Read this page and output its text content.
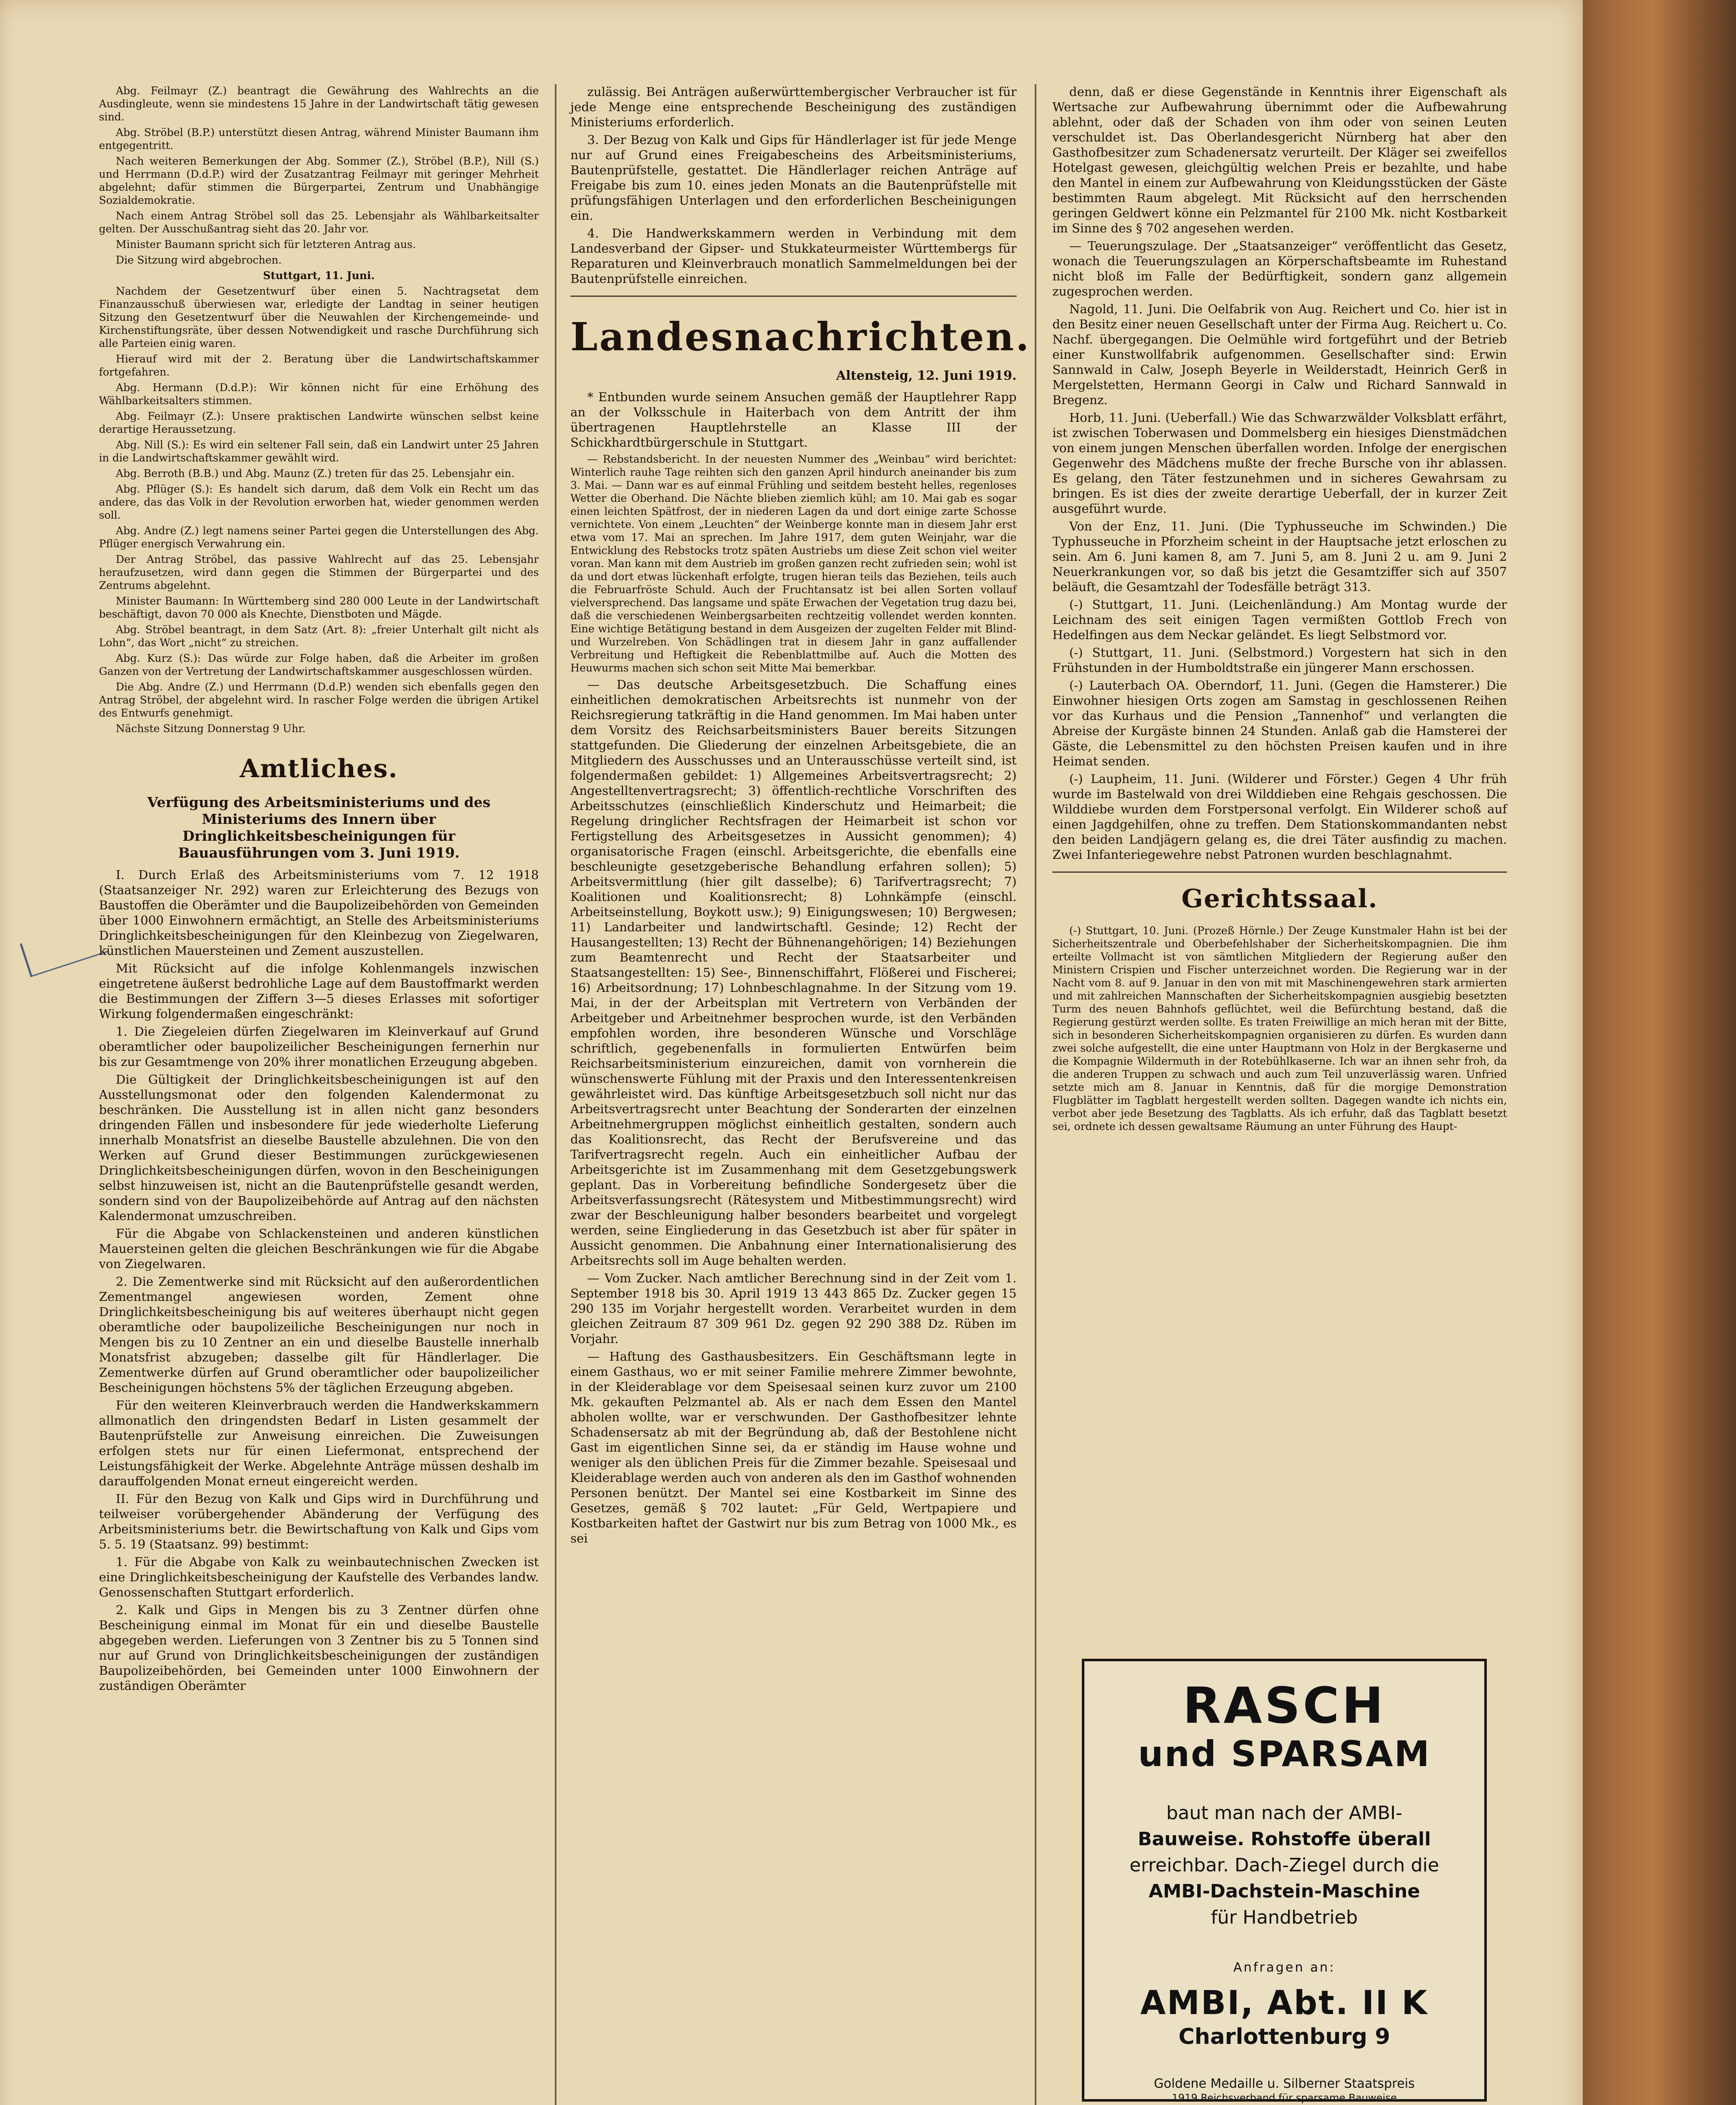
Abg. Feilmayr (Z.) beantragt die Gewährung des Wahlrechts an die Ausdingleute, wenn sie mindestens 15 Jahre in der Landwirtschaft tätig gewesen sind.

Abg. Ströbel (B.P.) unterstützt diesen Antrag, während Minister Baumann ihm entgegentritt.

Nach weiteren Bemerkungen der Abg. Sommer (Z.), Ströbel (B.P.), Nill (S.) und Herrmann (D.d.P.) wird der Zusatzantrag Feilmayr mit geringer Mehrheit abgelehnt; dafür stimmen die Bürgerpartei, Zentrum und Unabhängige Sozialdemokratie.

Nach einem Antrag Ströbel soll das 25. Lebensjahr als Wählbarkeitsalter gelten. Der Ausschußantrag sieht das 20. Jahr vor.

Minister Baumann spricht sich für letzteren Antrag aus.

Die Sitzung wird abgebrochen.

Stuttgart, 11. Juni.

Nachdem der Gesetzentwurf über einen 5. Nachtragsetat dem Finanzausschuß überwiesen war, erledigte der Landtag in seiner heutigen Sitzung den Gesetzentwurf über die Neuwahlen der Kirchengemeinde- und Kirchenstiftungsräte, über dessen Notwendigkeit und rasche Durchführung sich alle Parteien einig waren.

Hierauf wird mit der 2. Beratung über die Landwirtschaftskammer fortgefahren.

Abg. Hermann (D.d.P.): Wir können nicht für eine Erhöhung des Wählbarkeitsalters stimmen.

Abg. Feilmayr (Z.): Unsere praktischen Landwirte wünschen selbst keine derartige Heraussetzung.

Abg. Nill (S.): Es wird ein seltener Fall sein, daß ein Landwirt unter 25 Jahren in die Landwirtschaftskammer gewählt wird.

Abg. Berroth (B.B.) und Abg. Maunz (Z.) treten für das 25. Lebensjahr ein.

Abg. Pflüger (S.): Es handelt sich darum, daß dem Volk ein Recht um das andere, das das Volk in der Revolution erworben hat, wieder genommen werden soll.

Abg. Andre (Z.) legt namens seiner Partei gegen die Unterstellungen des Abg. Pflüger energisch Verwahrung ein.

Der Antrag Ströbel, das passive Wahlrecht auf das 25. Lebensjahr heraufzusetzen, wird dann gegen die Stimmen der Bürgerpartei und des Zentrums abgelehnt.

Minister Baumann: In Württemberg sind 280 000 Leute in der Landwirtschaft beschäftigt, davon 70 000 als Knechte, Dienstboten und Mägde.

Abg. Ströbel beantragt, in dem Satz (Art. 8): „freier Unterhalt gilt nicht als Lohn“, das Wort „nicht“ zu streichen.

Abg. Kurz (S.): Das würde zur Folge haben, daß die Arbeiter im großen Ganzen von der Vertretung der Landwirtschaftskammer ausgeschlossen würden.

Die Abg. Andre (Z.) und Herrmann (D.d.P.) wenden sich ebenfalls gegen den Antrag Ströbel, der abgelehnt wird. In rascher Folge werden die übrigen Artikel des Entwurfs genehmigt.

Nächste Sitzung Donnerstag 9 Uhr.

Amtliches.
Verfügung des Arbeitsministeriums und des Ministeriums des Innern über Dringlichkeitsbescheinigungen für Bauausführungen vom 3. Juni 1919.

I. Durch Erlaß des Arbeitsministeriums vom 7. 12 1918 (Staatsanzeiger Nr. 292) waren zur Erleichterung des Bezugs von Baustoffen die Oberämter und die Baupolizeibehörden von Gemeinden über 1000 Einwohnern ermächtigt, an Stelle des Arbeitsministeriums Dringlichkeitsbescheinigungen für den Kleinbezug von Ziegelwaren, künstlichen Mauersteinen und Zement auszustellen.

Mit Rücksicht auf die infolge Kohlenmangels inzwischen eingetretene äußerst bedrohliche Lage auf dem Baustoffmarkt werden die Bestimmungen der Ziffern 3—5 dieses Erlasses mit sofortiger Wirkung folgendermaßen eingeschränkt:

1. Die Ziegeleien dürfen Ziegelwaren im Kleinverkauf auf Grund oberamtlicher oder baupolizeilicher Bescheinigungen fernerhin nur bis zur Gesamtmenge von 20% ihrer monatlichen Erzeugung abgeben.

Die Gültigkeit der Dringlichkeitsbescheinigungen ist auf den Ausstellungsmonat oder den folgenden Kalendermonat zu beschränken. Die Ausstellung ist in allen nicht ganz besonders dringenden Fällen und insbesondere für jede wiederholte Lieferung innerhalb Monatsfrist an dieselbe Baustelle abzulehnen. Die von den Werken auf Grund dieser Bestimmungen zurückgewiesenen Dringlichkeitsbescheinigungen dürfen, wovon in den Bescheinigungen selbst hinzuweisen ist, nicht an die Bautenprüfstelle gesandt werden, sondern sind von der Baupolizeibehörde auf Antrag auf den nächsten Kalendermonat umzuschreiben.

Für die Abgabe von Schlackensteinen und anderen künstlichen Mauersteinen gelten die gleichen Beschränkungen wie für die Abgabe von Ziegelwaren.

2. Die Zementwerke sind mit Rücksicht auf den außerordentlichen Zementmangel angewiesen worden, Zement ohne Dringlichkeitsbescheinigung bis auf weiteres überhaupt nicht gegen oberamtliche oder baupolizeiliche Bescheinigungen nur noch in Mengen bis zu 10 Zentner an ein und dieselbe Baustelle innerhalb Monatsfrist abzugeben; dasselbe gilt für Händlerlager. Die Zementwerke dürfen auf Grund oberamtlicher oder baupolizeilicher Bescheinigungen höchstens 5% der täglichen Erzeugung abgeben.

Für den weiteren Kleinverbrauch werden die Handwerkskammern allmonatlich den dringendsten Bedarf in Listen gesammelt der Bautenprüfstelle zur Anweisung einreichen. Die Zuweisungen erfolgen stets nur für einen Liefermonat, entsprechend der Leistungsfähigkeit der Werke. Abgelehnte Anträge müssen deshalb im darauffolgenden Monat erneut eingereicht werden.

II. Für den Bezug von Kalk und Gips wird in Durchführung und teilweiser vorübergehender Abänderung der Verfügung des Arbeitsministeriums betr. die Bewirtschaftung von Kalk und Gips vom 5. 5. 19 (Staatsanz. 99) bestimmt:

1. Für die Abgabe von Kalk zu weinbautechnischen Zwecken ist eine Dringlichkeitsbescheinigung der Kaufstelle des Verbandes landw. Genossenschaften Stuttgart erforderlich.

2. Kalk und Gips in Mengen bis zu 3 Zentner dürfen ohne Bescheinigung einmal im Monat für ein und dieselbe Baustelle abgegeben werden. Lieferungen von 3 Zentner bis zu 5 Tonnen sind nur auf Grund von Dringlichkeitsbescheinigungen der zuständigen Baupolizeibehörden, bei Gemeinden unter 1000 Einwohnern der zuständigen Oberämter

zulässig. Bei Anträgen außerwürttembergischer Verbraucher ist für jede Menge eine entsprechende Bescheinigung des zuständigen Ministeriums erforderlich.

3. Der Bezug von Kalk und Gips für Händlerlager ist für jede Menge nur auf Grund eines Freigabescheins des Arbeitsministeriums, Bautenprüfstelle, gestattet. Die Händlerlager reichen Anträge auf Freigabe bis zum 10. eines jeden Monats an die Bautenprüfstelle mit prüfungsfähigen Unterlagen und den erforderlichen Bescheinigungen ein.

4. Die Handwerkskammern werden in Verbindung mit dem Landesverband der Gipser- und Stukkateurmeister Württembergs für Reparaturen und Kleinverbrauch monatlich Sammelmeldungen bei der Bautenprüfstelle einreichen.

Landesnachrichten.

Altensteig, 12. Juni 1919.

* Entbunden wurde seinem Ansuchen gemäß der Hauptlehrer Rapp an der Volksschule in Haiterbach von dem Antritt der ihm übertragenen Hauptlehrstelle an Klasse III der Schickhardtbürgerschule in Stuttgart.

— Rebstandsbericht. In der neuesten Nummer des „Weinbau“ wird berichtet: Winterlich rauhe Tage reihten sich den ganzen April hindurch aneinander bis zum 3. Mai. — Dann war es auf einmal Frühling und seitdem besteht helles, regenloses Wetter die Oberhand. Die Nächte blieben ziemlich kühl; am 10. Mai gab es sogar einen leichten Spätfrost, der in niederen Lagen da und dort einige zarte Schosse vernichtete. Von einem „Leuchten“ der Weinberge konnte man in diesem Jahr erst etwa vom 17. Mai an sprechen. Im Jahre 1917, dem guten Weinjahr, war die Entwicklung des Rebstocks trotz späten Austriebs um diese Zeit schon viel weiter voran. Man kann mit dem Austrieb im großen ganzen recht zufrieden sein; wohl ist da und dort etwas lückenhaft erfolgte, trugen hieran teils das Beziehen, teils auch die Februarfröste Schuld. Auch der Fruchtansatz ist bei allen Sorten vollauf vielversprechend. Das langsame und späte Erwachen der Vegetation trug dazu bei, daß die verschiedenen Weinbergsarbeiten rechtzeitig vollendet werden konnten. Eine wichtige Betätigung bestand in dem Ausgeizen der zugelten Felder mit Blind- und Wurzelreben. Von Schädlingen trat in diesem Jahr in ganz auffallender Verbreitung und Heftigkeit die Rebenblattmilbe auf. Auch die Motten des Heuwurms machen sich schon seit Mitte Mai bemerkbar.

— Das deutsche Arbeitsgesetzbuch. Die Schaffung eines einheitlichen demokratischen Arbeitsrechts ist nunmehr von der Reichsregierung tatkräftig in die Hand genommen. Im Mai haben unter dem Vorsitz des Reichsarbeitsministers Bauer bereits Sitzungen stattgefunden. Die Gliederung der einzelnen Arbeitsgebiete, die an Mitgliedern des Ausschusses und an Unterausschüsse verteilt sind, ist folgendermaßen gebildet: 1) Allgemeines Arbeitsvertragsrecht; 2) Angestelltenvertragsrecht; 3) öffentlich-rechtliche Vorschriften des Arbeitsschutzes (einschließlich Kinderschutz und Heimarbeit; die Regelung dringlicher Rechtsfragen der Heimarbeit ist schon vor Fertigstellung des Arbeitsgesetzes in Aussicht genommen); 4) organisatorische Fragen (einschl. Arbeitsgerichte, die ebenfalls eine beschleunigte gesetzgeberische Behandlung erfahren sollen); 5) Arbeitsvermittlung (hier gilt dasselbe); 6) Tarifvertragsrecht; 7) Koalitionen und Koalitionsrecht; 8) Lohnkämpfe (einschl. Arbeitseinstellung, Boykott usw.); 9) Einigungswesen; 10) Bergwesen; 11) Landarbeiter und landwirtschaftl. Gesinde; 12) Recht der Hausangestellten; 13) Recht der Bühnenangehörigen; 14) Beziehungen zum Beamtenrecht und Recht der Staatsarbeiter und Staatsangestellten: 15) See-, Binnenschiffahrt, Flößerei und Fischerei; 16) Arbeitsordnung; 17) Lohnbeschlagnahme. In der Sitzung vom 19. Mai, in der der Arbeitsplan mit Vertretern von Verbänden der Arbeitgeber und Arbeitnehmer besprochen wurde, ist den Verbänden empfohlen worden, ihre besonderen Wünsche und Vorschläge schriftlich, gegebenenfalls in formulierten Entwürfen beim Reichsarbeitsministerium einzureichen, damit von vornherein die wünschenswerte Fühlung mit der Praxis und den Interessentenkreisen gewährleistet wird. Das künftige Arbeitsgesetzbuch soll nicht nur das Arbeitsvertragsrecht unter Beachtung der Sonderarten der einzelnen Arbeitnehmergruppen möglichst einheitlich gestalten, sondern auch das Koalitionsrecht, das Recht der Berufsvereine und das Tarifvertragsrecht regeln. Auch ein einheitlicher Aufbau der Arbeitsgerichte ist im Zusammenhang mit dem Gesetzgebungswerk geplant. Das in Vorbereitung befindliche Sondergesetz über die Arbeitsverfassungsrecht (Rätesystem und Mitbestimmungsrecht) wird zwar der Beschleunigung halber besonders bearbeitet und vorgelegt werden, seine Eingliederung in das Gesetzbuch ist aber für später in Aussicht genommen. Die Anbahnung einer Internationalisierung des Arbeitsrechts soll im Auge behalten werden.

— Vom Zucker. Nach amtlicher Berechnung sind in der Zeit vom 1. September 1918 bis 30. April 1919 13 443 865 Dz. Zucker gegen 15 290 135 im Vorjahr hergestellt worden. Verarbeitet wurden in dem gleichen Zeitraum 87 309 961 Dz. gegen 92 290 388 Dz. Rüben im Vorjahr.

— Haftung des Gasthausbesitzers. Ein Geschäftsmann legte in einem Gasthaus, wo er mit seiner Familie mehrere Zimmer bewohnte, in der Kleiderablage vor dem Speisesaal seinen kurz zuvor um 2100 Mk. gekauften Pelzmantel ab. Als er nach dem Essen den Mantel abholen wollte, war er verschwunden. Der Gasthofbesitzer lehnte Schadensersatz ab mit der Begründung ab, daß der Bestohlene nicht Gast im eigentlichen Sinne sei, da er ständig im Hause wohne und weniger als den üblichen Preis für die Zimmer bezahle. Speisesaal und Kleiderablage werden auch von anderen als den im Gasthof wohnenden Personen benützt. Der Mantel sei eine Kostbarkeit im Sinne des Gesetzes, gemäß § 702 lautet: „Für Geld, Wertpapiere und Kostbarkeiten haftet der Gastwirt nur bis zum Betrag von 1000 Mk., es sei

denn, daß er diese Gegenstände in Kenntnis ihrer Eigenschaft als Wertsache zur Aufbewahrung übernimmt oder die Aufbewahrung ablehnt, oder daß der Schaden von ihm oder von seinen Leuten verschuldet ist. Das Oberlandesgericht Nürnberg hat aber den Gasthofbesitzer zum Schadenersatz verurteilt. Der Kläger sei zweifellos Hotelgast gewesen, gleichgültig welchen Preis er bezahlte, und habe den Mantel in einem zur Aufbewahrung von Kleidungsstücken der Gäste bestimmten Raum abgelegt. Mit Rücksicht auf den herrschenden geringen Geldwert könne ein Pelzmantel für 2100 Mk. nicht Kostbarkeit im Sinne des § 702 angesehen werden.

— Teuerungszulage. Der „Staatsanzeiger“ veröffentlicht das Gesetz, wonach die Teuerungszulagen an Körperschaftsbeamte im Ruhestand nicht bloß im Falle der Bedürftigkeit, sondern ganz allgemein zugesprochen werden.

Nagold, 11. Juni. Die Oelfabrik von Aug. Reichert und Co. hier ist in den Besitz einer neuen Gesellschaft unter der Firma Aug. Reichert u. Co. Nachf. übergegangen. Die Oelmühle wird fortgeführt und der Betrieb einer Kunstwollfabrik aufgenommen. Gesellschafter sind: Erwin Sannwald in Calw, Joseph Beyerle in Weilderstadt, Heinrich Gerß in Mergelstetten, Hermann Georgi in Calw und Richard Sannwald in Bregenz.

Horb, 11. Juni. (Ueberfall.) Wie das Schwarzwälder Volksblatt erfährt, ist zwischen Toberwasen und Dommelsberg ein hiesiges Dienstmädchen von einem jungen Menschen überfallen worden. Infolge der energischen Gegenwehr des Mädchens mußte der freche Bursche von ihr ablassen. Es gelang, den Täter festzunehmen und in sicheres Gewahrsam zu bringen. Es ist dies der zweite derartige Ueberfall, der in kurzer Zeit ausgeführt wurde.

Von der Enz, 11. Juni. (Die Typhusseuche im Schwinden.) Die Typhusseuche in Pforzheim scheint in der Hauptsache jetzt erloschen zu sein. Am 6. Juni kamen 8, am 7. Juni 5, am 8. Juni 2 u. am 9. Juni 2 Neuerkrankungen vor, so daß bis jetzt die Gesamtziffer sich auf 3507 beläuft, die Gesamtzahl der Todesfälle beträgt 313.

(-) Stuttgart, 11. Juni. (Leichenländung.) Am Montag wurde der Leichnam des seit einigen Tagen vermißten Gottlob Frech von Hedelfingen aus dem Neckar geländet. Es liegt Selbstmord vor.

(-) Stuttgart, 11. Juni. (Selbstmord.) Vorgestern hat sich in den Frühstunden in der Humboldtstraße ein jüngerer Mann erschossen.

(-) Lauterbach OA. Oberndorf, 11. Juni. (Gegen die Hamsterer.) Die Einwohner hiesigen Orts zogen am Samstag in geschlossenen Reihen vor das Kurhaus und die Pension „Tannenhof“ und verlangten die Abreise der Kurgäste binnen 24 Stunden. Anlaß gab die Hamsterei der Gäste, die Lebensmittel zu den höchsten Preisen kaufen und in ihre Heimat senden.

(-) Laupheim, 11. Juni. (Wilderer und Förster.) Gegen 4 Uhr früh wurde im Bastelwald von drei Wilddieben eine Rehgais geschossen. Die Wilddiebe wurden dem Forstpersonal verfolgt. Ein Wilderer schoß auf einen Jagdgehilfen, ohne zu treffen. Dem Stationskommandanten nebst den beiden Landjägern gelang es, die drei Täter ausfindig zu machen. Zwei Infanteriegewehre nebst Patronen wurden beschlagnahmt.

Gerichtssaal.

(-) Stuttgart, 10. Juni. (Prozeß Hörnle.) Der Zeuge Kunstmaler Hahn ist bei der Sicherheitszentrale und Oberbefehlshaber der Sicherheitskompagnien. Die ihm erteilte Vollmacht ist von sämtlichen Mitgliedern der Regierung außer den Ministern Crispien und Fischer unterzeichnet worden. Die Regierung war in der Nacht vom 8. auf 9. Januar in den von mit mit Maschinengewehren stark armierten und mit zahlreichen Mannschaften der Sicherheitskompagnien ausgiebig besetzten Turm des neuen Bahnhofs geflüchtet, weil die Befürchtung bestand, daß die Regierung gestürzt werden sollte. Es traten Freiwillige an mich heran mit der Bitte, sich in besonderen Sicherheitskompagnien organisieren zu dürfen. Es wurden dann zwei solche aufgestellt, die eine unter Hauptmann von Holz in der Bergkaserne und die Kompagnie Wildermuth in der Rotebühlkaserne. Ich war an ihnen sehr froh, da die anderen Truppen zu schwach und auch zum Teil unzuverlässig waren. Unfried setzte mich am 8. Januar in Kenntnis, daß für die morgige Demonstration Flugblätter im Tagblatt hergestellt werden sollten. Dagegen wandte ich nichts ein, verbot aber jede Besetzung des Tagblatts. Als ich erfuhr, daß das Tagblatt besetzt sei, ordnete ich dessen gewaltsame Räumung an unter Führung des Haupt-

RASCH
und SPARSAM
baut man nach der AMBI-
Bauweise. Rohstoffe überall
erreichbar. Dach-Ziegel durch die
AMBI-Dachstein-Maschine
für Handbetrieb
Anfragen an:
AMBI, Abt. II K
Charlottenburg 9
Goldene Medaille u. Silberner Staatspreis
1919 Reichsverband für sparsame Bauweise
